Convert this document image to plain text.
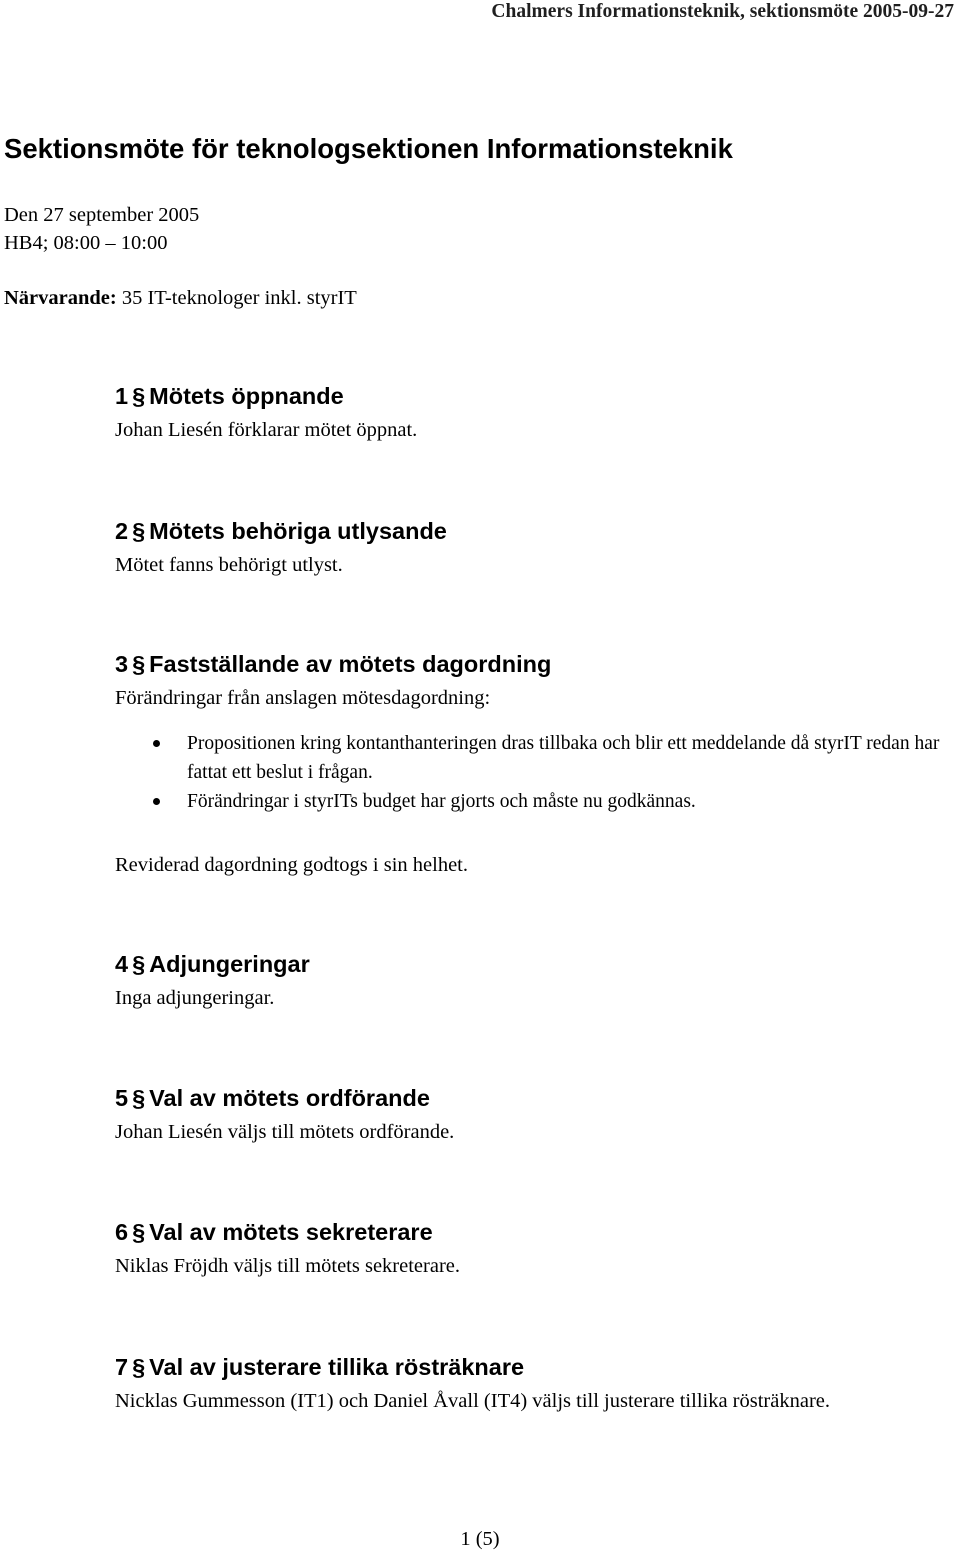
Chalmers Informationsteknik, sektionsmöte 2005-09-27
Sektionsmöte för teknologsektionen Informationsteknik

Den 27 september 2005

HB4; 08:00 – 10:00

Närvarande: 35 IT-teknologer inkl. styrIT

1 § Mötets öppnande

Johan Liesén förklarar mötet öppnat.

2 § Mötets behöriga utlysande

Mötet fanns behörigt utlyst.

3 § Fastställande av mötets dagordning

Förändringar från anslagen mötesdagordning:

Propositionen kring kontanthanteringen dras tillbaka och blir ett meddelande då styrIT redan har fattat ett beslut i frågan.
Förändringar i styrITs budget har gjorts och måste nu godkännas.

Reviderad dagordning godtogs i sin helhet.

4 § Adjungeringar

Inga adjungeringar.

5 § Val av mötets ordförande

Johan Liesén väljs till mötets ordförande.

6 § Val av mötets sekreterare

Niklas Fröjdh väljs till mötets sekreterare.

7 § Val av justerare tillika rösträknare

Nicklas Gummesson (IT1) och Daniel Åvall (IT4) väljs till justerare tillika rösträknare.

1 (5)
